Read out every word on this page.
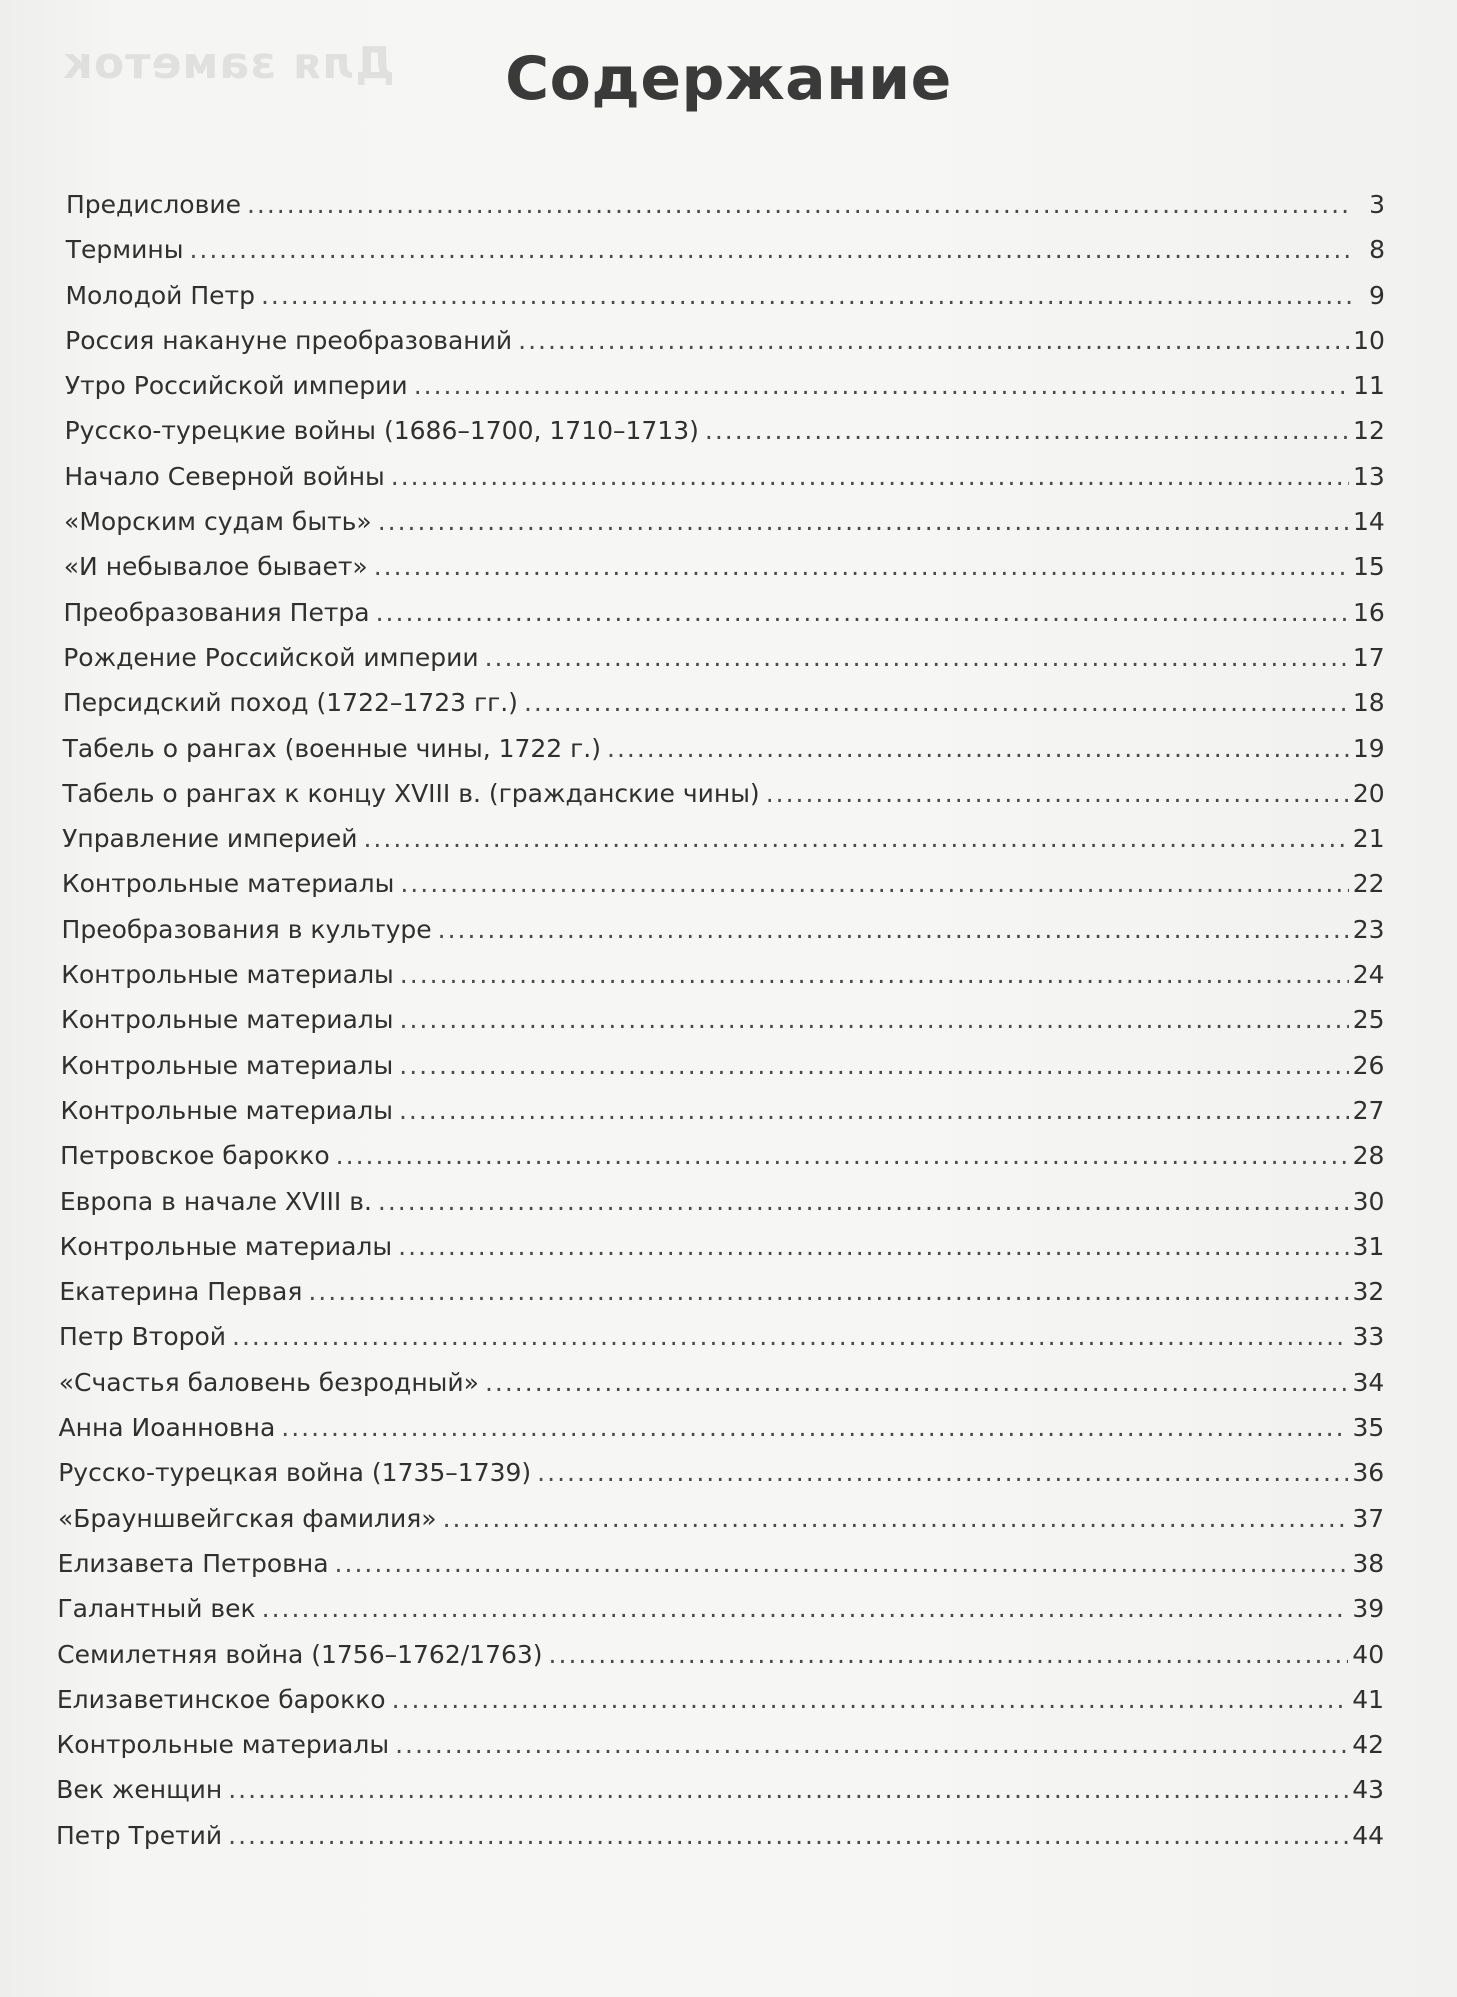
Для заметок	Содержание
Предисловие .....	3
Термины .....	8
Молодой Петр .....	9
Россия накануне преобразований .....	10
Утро Российской империи .....	11
Русско-турецкие войны (1686–1700, 1710–1713) .....	12
Начало Северной войны .....	13
«Морским судам быть» .....	14
«И небывалое бывает» .....	15
Преобразования Петра .....	16
Рождение Российской империи .....	17
Персидский поход (1722–1723 гг.) .....	18
Табель о рангах (военные чины, 1722 г.) .....	19
Табель о рангах к концу XVIII в. (гражданские чины) .....	20
Управление империей .....	21
Контрольные материалы .....	22
Преобразования в культуре .....	23
Контрольные материалы .....	24
Контрольные материалы .....	25
Контрольные материалы .....	26
Контрольные материалы .....	27
Петровское барокко .....	28
Европа в начале XVIII в. .....	30
Контрольные материалы .....	31
Екатерина Первая .....	32
Петр Второй .....	33
«Счастья баловень безродный» .....	34
Анна Иоанновна .....	35
Русско-турецкая война (1735–1739) .....	36
«Брауншвейгская фамилия» .....	37
Елизавета Петровна .....	38
Галантный век .....	39
Семилетняя война (1756–1762/1763) .....	40
Елизаветинское барокко .....	41
Контрольные материалы .....	42
Век женщин .....	43
Петр Третий .....	44
